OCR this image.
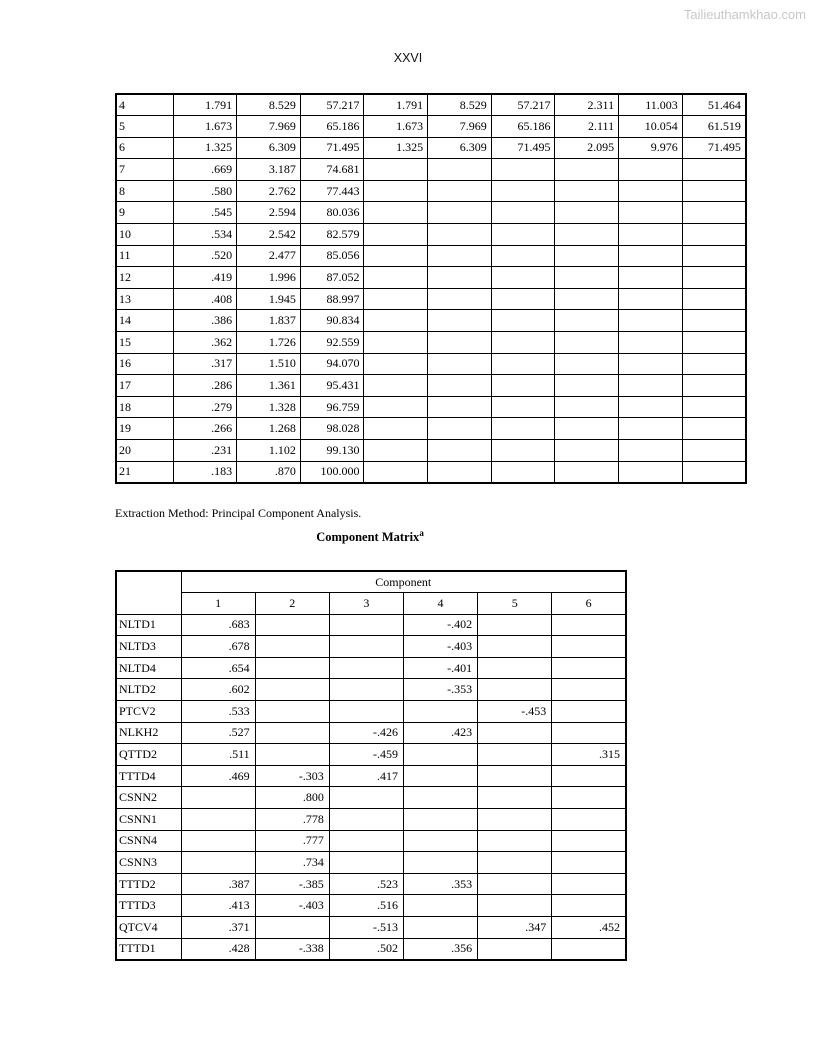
Tailieuthamkhao.com
XXVI
4	1.791	8.529	57.217	1.791	8.529	57.217	2.311	11.003	51.464
5	1.673	7.969	65.186	1.673	7.969	65.186	2.111	10.054	61.519
6	1.325	6.309	71.495	1.325	6.309	71.495	2.095	9.976	71.495
7	.669	3.187	74.681						
8	.580	2.762	77.443						
9	.545	2.594	80.036						
10	.534	2.542	82.579						
11	.520	2.477	85.056						
12	.419	1.996	87.052						
13	.408	1.945	88.997						
14	.386	1.837	90.834						
15	.362	1.726	92.559						
16	.317	1.510	94.070						
17	.286	1.361	95.431						
18	.279	1.328	96.759						
19	.266	1.268	98.028						
20	.231	1.102	99.130						
21	.183	.870	100.000						
Extraction Method: Principal Component Analysis.
Component Matrix$^a$
	Component					
	1	2	3	4	5	6
NLTD1	.683			-.402		
NLTD3	.678			-.403		
NLTD4	.654			-.401		
NLTD2	.602			-.353		
PTCV2	.533				-.453	
NLKH2	.527		-.426	.423		
QTTD2	.511		-.459			.315
TTTD4	.469	-.303	.417			
CSNN2		.800				
CSNN1		.778				
CSNN4		.777				
CSNN3		.734				
TTTD2	.387	-.385	.523	.353		
TTTD3	.413	-.403	.516			
QTCV4	.371		-.513		.347	.452
TTTD1	.428	-.338	.502	.356		
